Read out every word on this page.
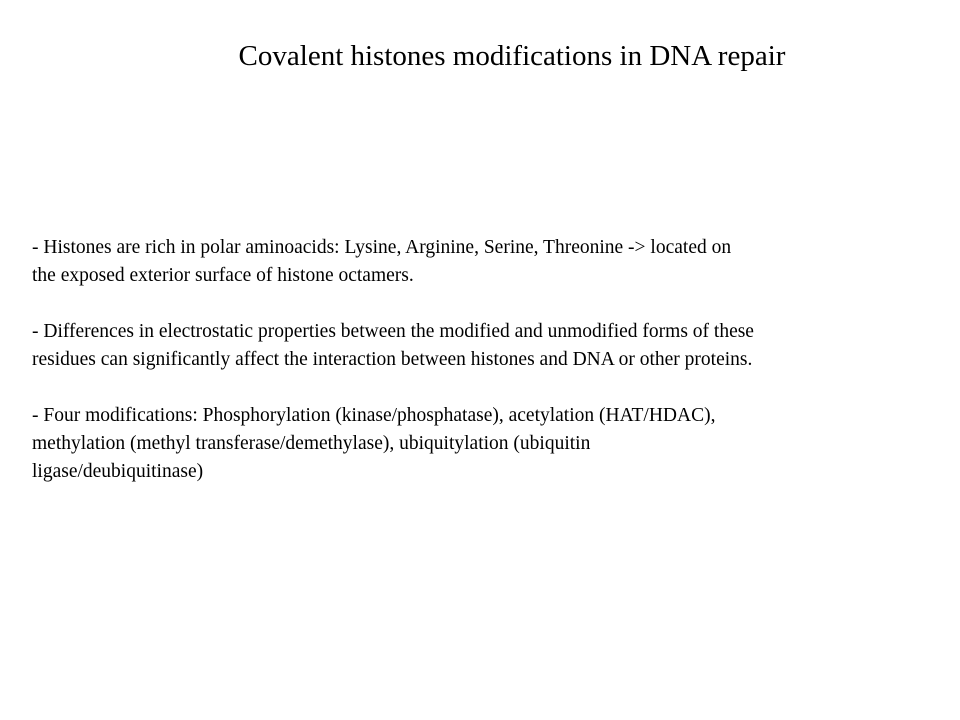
Covalent histones modifications in DNA repair

- Histones are rich in polar aminoacids: Lysine, Arginine, Serine, Threonine -> located on
the exposed exterior surface of histone octamers.

- Differences in electrostatic properties between the modified and unmodified forms of these
residues can significantly affect the interaction between histones and DNA or other proteins.

- Four modifications: Phosphorylation (kinase/phosphatase), acetylation (HAT/HDAC),
methylation (methyl transferase/demethylase), ubiquitylation (ubiquitin
ligase/deubiquitinase)
